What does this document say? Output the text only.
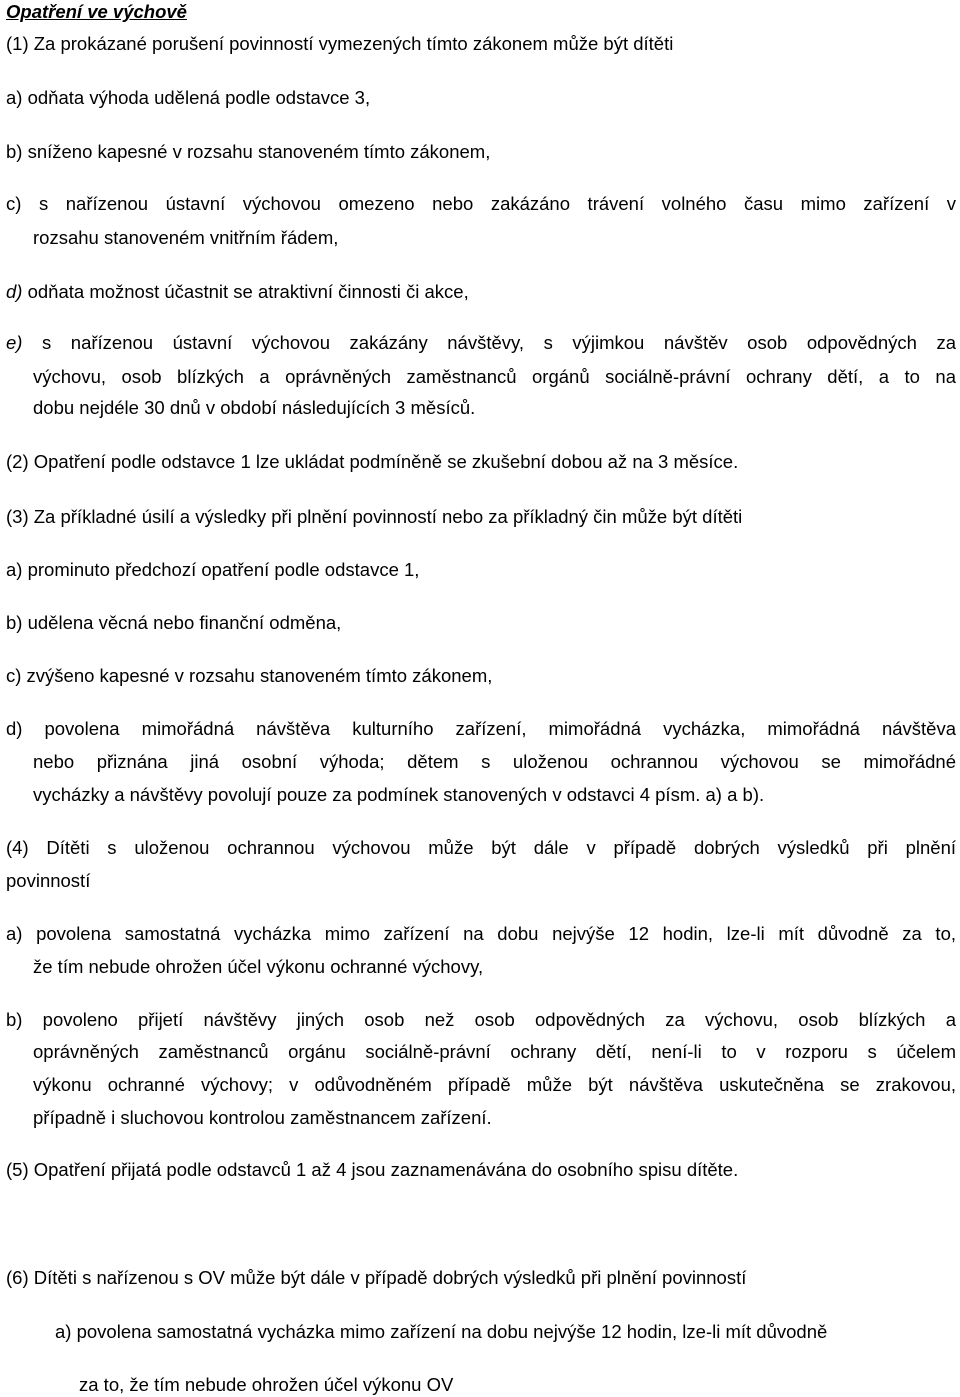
Opatření ve výchově
(1) Za prokázané porušení povinností vymezených tímto zákonem může být dítěti
a) odňata výhoda udělená podle odstavce 3,
b) sníženo kapesné v rozsahu stanoveném tímto zákonem,
c) s nařízenou ústavní výchovou omezeno nebo zakázáno trávení volného času mimo zařízení v
rozsahu stanoveném vnitřním řádem,
d) odňata možnost účastnit se atraktivní činnosti či akce,
e) s nařízenou ústavní výchovou zakázány návštěvy, s výjimkou návštěv osob odpovědných za
výchovu, osob blízkých a oprávněných zaměstnanců orgánů sociálně-právní ochrany dětí, a to na
dobu nejdéle 30 dnů v období následujících 3 měsíců.
(2) Opatření podle odstavce 1 lze ukládat podmíněně se zkušební dobou až na 3 měsíce.
(3) Za příkladné úsilí a výsledky při plnění povinností nebo za příkladný čin může být dítěti
a) prominuto předchozí opatření podle odstavce 1,
b) udělena věcná nebo finanční odměna,
c) zvýšeno kapesné v rozsahu stanoveném tímto zákonem,
d) povolena mimořádná návštěva kulturního zařízení, mimořádná vycházka, mimořádná návštěva
nebo přiznána jiná osobní výhoda; dětem s uloženou ochrannou výchovou se mimořádné
vycházky a návštěvy povolují pouze za podmínek stanovených v odstavci 4 písm. a) a b).
(4) Dítěti s uloženou ochrannou výchovou může být dále v případě dobrých výsledků při plnění
povinností
a) povolena samostatná vycházka mimo zařízení na dobu nejvýše 12 hodin, lze-li mít důvodně za to,
že tím nebude ohrožen účel výkonu ochranné výchovy,
b) povoleno přijetí návštěvy jiných osob než osob odpovědných za výchovu, osob blízkých a
oprávněných zaměstnanců orgánu sociálně-právní ochrany dětí, není-li to v rozporu s účelem
výkonu ochranné výchovy; v odůvodněném případě může být návštěva uskutečněna se zrakovou,
případně i sluchovou kontrolou zaměstnancem zařízení.
(5) Opatření přijatá podle odstavců 1 až 4 jsou zaznamenávána do osobního spisu dítěte.
(6) Dítěti s nařízenou s OV může být dále v případě dobrých výsledků při plnění povinností
a) povolena samostatná vycházka mimo zařízení na dobu nejvýše 12 hodin, lze-li mít důvodně
za to, že tím nebude ohrožen účel výkonu OV
